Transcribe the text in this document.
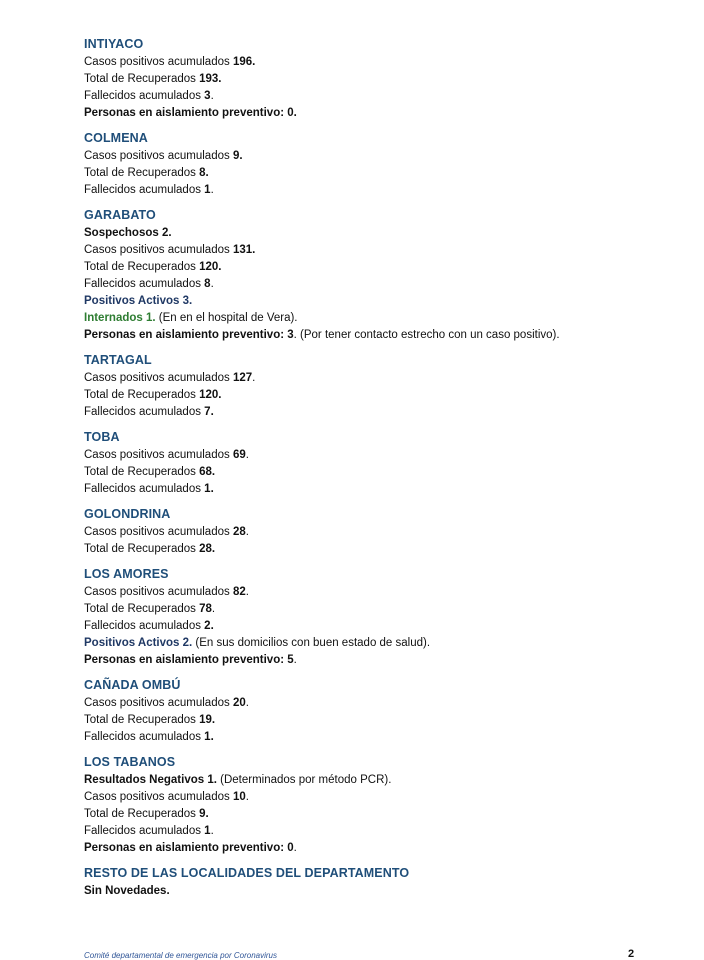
INTIYACO
Casos positivos acumulados 196.
Total de Recuperados 193.
Fallecidos acumulados 3.
Personas en aislamiento preventivo: 0.
COLMENA
Casos positivos acumulados 9.
Total de Recuperados 8.
Fallecidos acumulados 1.
GARABATO
Sospechosos 2.
Casos positivos acumulados 131.
Total de Recuperados 120.
Fallecidos acumulados 8.
Positivos Activos 3.
Internados 1. (En en el hospital de Vera).
Personas en aislamiento preventivo: 3. (Por tener contacto estrecho con un caso positivo).
TARTAGAL
Casos positivos acumulados 127.
Total de Recuperados 120.
Fallecidos acumulados 7.
TOBA
Casos positivos acumulados 69.
Total de Recuperados 68.
Fallecidos acumulados 1.
GOLONDRINA
Casos positivos acumulados 28.
Total de Recuperados 28.
LOS AMORES
Casos positivos acumulados 82.
Total de Recuperados 78.
Fallecidos acumulados 2.
Positivos Activos 2. (En sus domicilios con buen estado de salud).
Personas en aislamiento preventivo: 5.
CAÑADA OMBÚ
Casos positivos acumulados 20.
Total de Recuperados 19.
Fallecidos acumulados 1.
LOS TABANOS
Resultados Negativos 1. (Determinados por método PCR).
Casos positivos acumulados 10.
Total de Recuperados 9.
Fallecidos acumulados 1.
Personas en aislamiento preventivo: 0.
RESTO DE LAS LOCALIDADES DEL DEPARTAMENTO
Sin Novedades.
Comité departamental de emergencia por Coronavirus	2
